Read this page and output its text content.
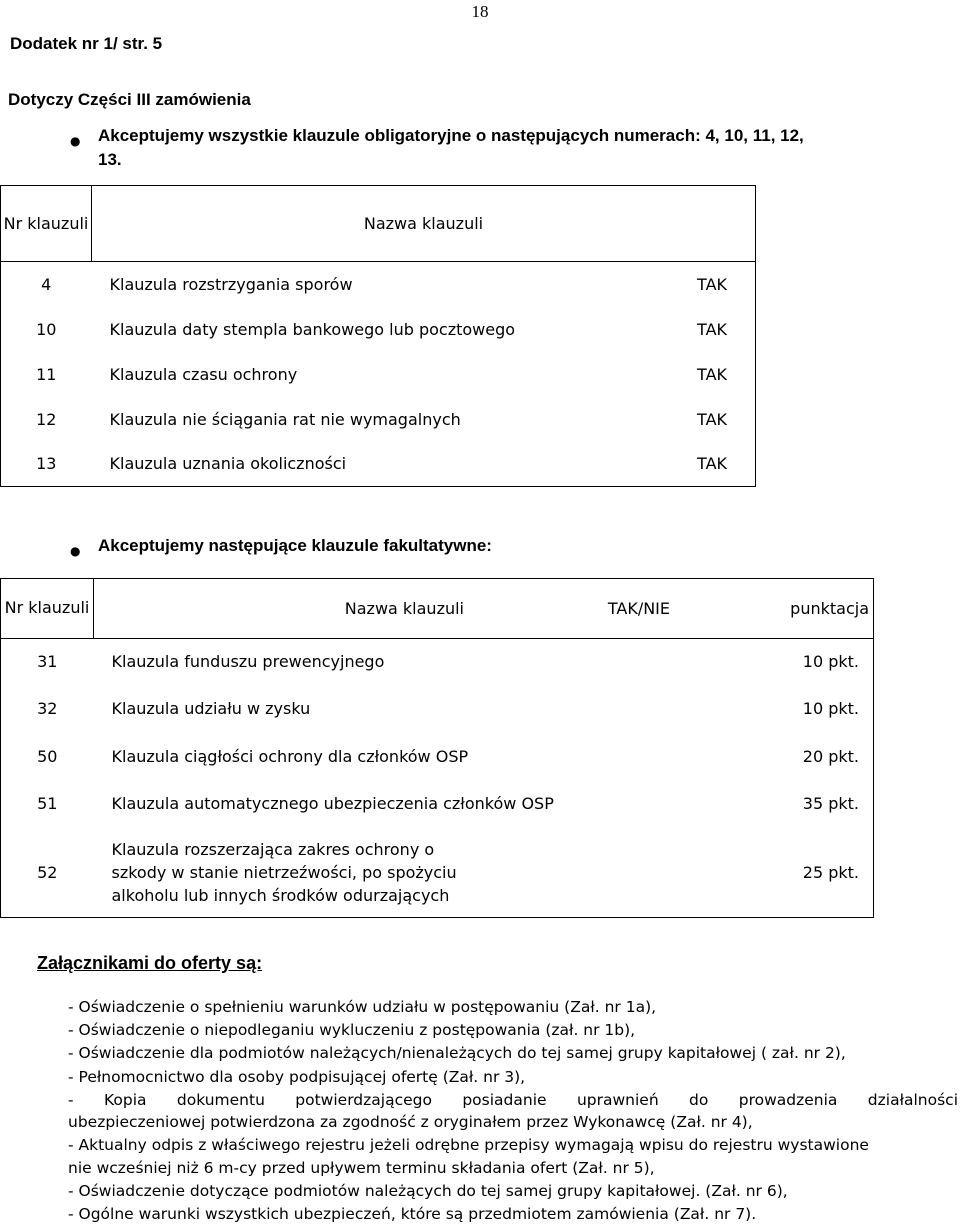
18
Dodatek nr 1/ str. 5
Dotyczy Części III zamówienia
● Akceptujemy wszystkie klauzule obligatoryjne o następujących numerach: 4, 10, 11, 12,
13.
Nr klauzuli	Nazwa klauzuli	
4	Klauzula rozstrzygania sporów	TAK
10	Klauzula daty stempla bankowego lub pocztowego	TAK
11	Klauzula czasu ochrony	TAK
12	Klauzula nie ściągania rat nie wymagalnych	TAK
13	Klauzula uznania okoliczności	TAK
● Akceptujemy następujące klauzule fakultatywne:
Nr klauzuli	Nazwa klauzuli	TAK/NIE	punktacja
31	Klauzula funduszu prewencyjnego		10 pkt.
32	Klauzula udziału w zysku		10 pkt.
50	Klauzula ciągłości ochrony dla członków OSP		20 pkt.
51	Klauzula automatycznego ubezpieczenia członków OSP		35 pkt.
52	Klauzula rozszerzająca zakres ochrony o szkody w stanie nietrzeźwości, po spożyciu alkoholu lub innych środków odurzających		25 pkt.
Załącznikami do oferty są:
- Oświadczenie o spełnieniu warunków udziału w postępowaniu (Zał. nr 1a),
- Oświadczenie o niepodleganiu wykluczeniu z postępowania (zał. nr 1b),
- Oświadczenie dla podmiotów należących/nienależących do tej samej grupy kapitałowej ( zał. nr 2),
- Pełnomocnictwo dla osoby podpisującej ofertę (Zał. nr 3),
- Kopia dokumentu potwierdzającego posiadanie uprawnień do prowadzenia działalności
ubezpieczeniowej potwierdzona za zgodność z oryginałem przez Wykonawcę (Zał. nr 4),
- Aktualny odpis z właściwego rejestru jeżeli odrębne przepisy wymagają wpisu do rejestru wystawione
nie wcześniej niż 6 m-cy przed upływem terminu składania ofert (Zał. nr 5),
- Oświadczenie dotyczące podmiotów należących do tej samej grupy kapitałowej. (Zał. nr 6),
- Ogólne warunki wszystkich ubezpieczeń, które są przedmiotem zamówienia (Zał. nr 7).
